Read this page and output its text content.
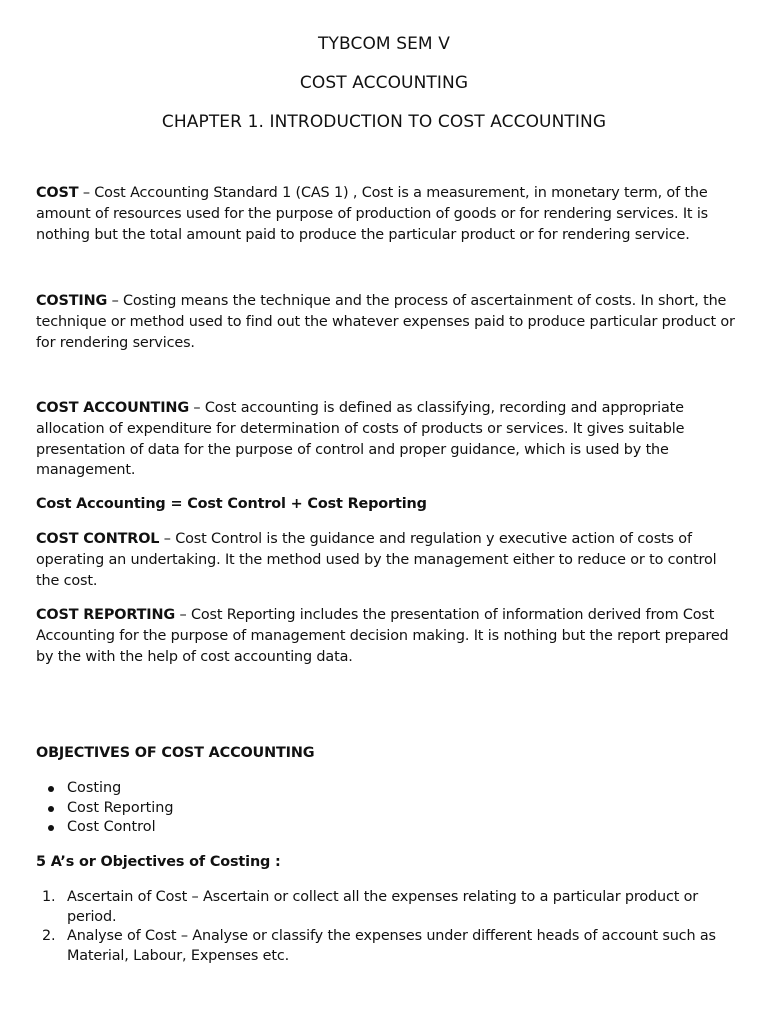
TYBCOM SEM V
COST ACCOUNTING
CHAPTER 1. INTRODUCTION TO COST ACCOUNTING

COST – Cost Accounting Standard 1 (CAS 1) , Cost is a measurement, in monetary term, of the amount of resources used for the purpose of production of goods or for rendering services. It is nothing but the total amount paid to produce the particular product or for rendering service.

COSTING – Costing means the technique and the process of ascertainment of costs. In short, the technique or method used to find out the whatever expenses paid to produce particular product or for rendering services.

COST ACCOUNTING – Cost accounting is defined as classifying, recording and appropriate allocation of expenditure for determination of costs of products or services. It gives suitable presentation of data for the purpose of control and proper guidance, which is used by the management.

Cost Accounting = Cost Control + Cost Reporting

COST CONTROL – Cost Control is the guidance and regulation y executive action of costs of operating an undertaking. It the method used by the management either to reduce or to control the cost.

COST REPORTING – Cost Reporting includes the presentation of information derived from Cost Accounting for the purpose of management decision making. It is nothing but the report prepared by the with the help of cost accounting data.

OBJECTIVES OF COST ACCOUNTING
Costing
Cost Reporting
Cost Control
5 A’s or Objectives of Costing :
1. Ascertain of Cost – Ascertain or collect all the expenses relating to a particular product or period.
2. Analyse of Cost – Analyse or classify the expenses under different heads of account such as Material, Labour, Expenses etc.
